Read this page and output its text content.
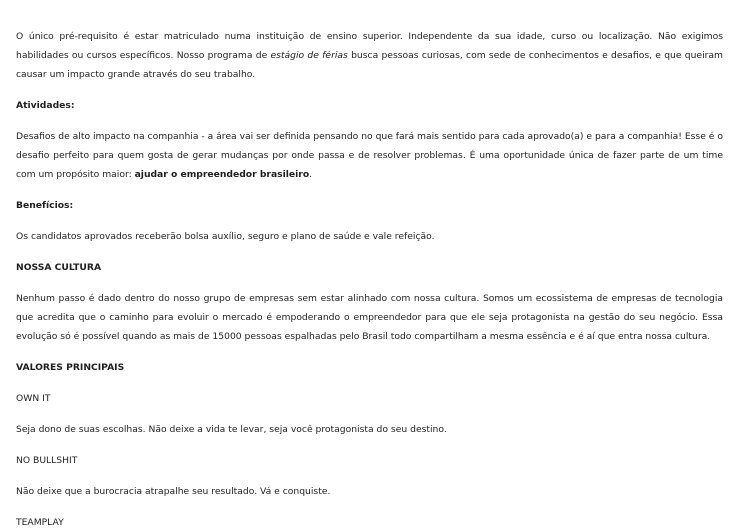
O único pré-requisito é estar matriculado numa instituição de ensino superior. Independente da sua idade, curso ou localização. Não exigimos habilidades ou cursos específicos. Nosso programa de estágio de férias busca pessoas curiosas, com sede de conhecimentos e desafios, e que queiram causar um impacto grande através do seu trabalho.

Atividades:

Desafios de alto impacto na companhia - a área vai ser definida pensando no que fará mais sentido para cada aprovado(a) e para a companhia! Esse é o desafio perfeito para quem gosta de gerar mudanças por onde passa e de resolver problemas. É uma oportunidade única de fazer parte de um time com um propósito maior: ajudar o empreendedor brasileiro.

Benefícios:

Os candidatos aprovados receberão bolsa auxílio, seguro e plano de saúde e vale refeição.

NOSSA CULTURA

Nenhum passo é dado dentro do nosso grupo de empresas sem estar alinhado com nossa cultura. Somos um ecossistema de empresas de tecnologia que acredita que o caminho para evoluir o mercado é empoderando o empreendedor para que ele seja protagonista na gestão do seu negócio. Essa evolução só é possível quando as mais de 15000 pessoas espalhadas pelo Brasil todo compartilham a mesma essência e é aí que entra nossa cultura.

VALORES PRINCIPAIS

OWN IT

Seja dono de suas escolhas. Não deixe a vida te levar, seja você protagonista do seu destino.

NO BULLSHIT

Não deixe que a burocracia atrapalhe seu resultado. Vá e conquiste.

TEAMPLAY
